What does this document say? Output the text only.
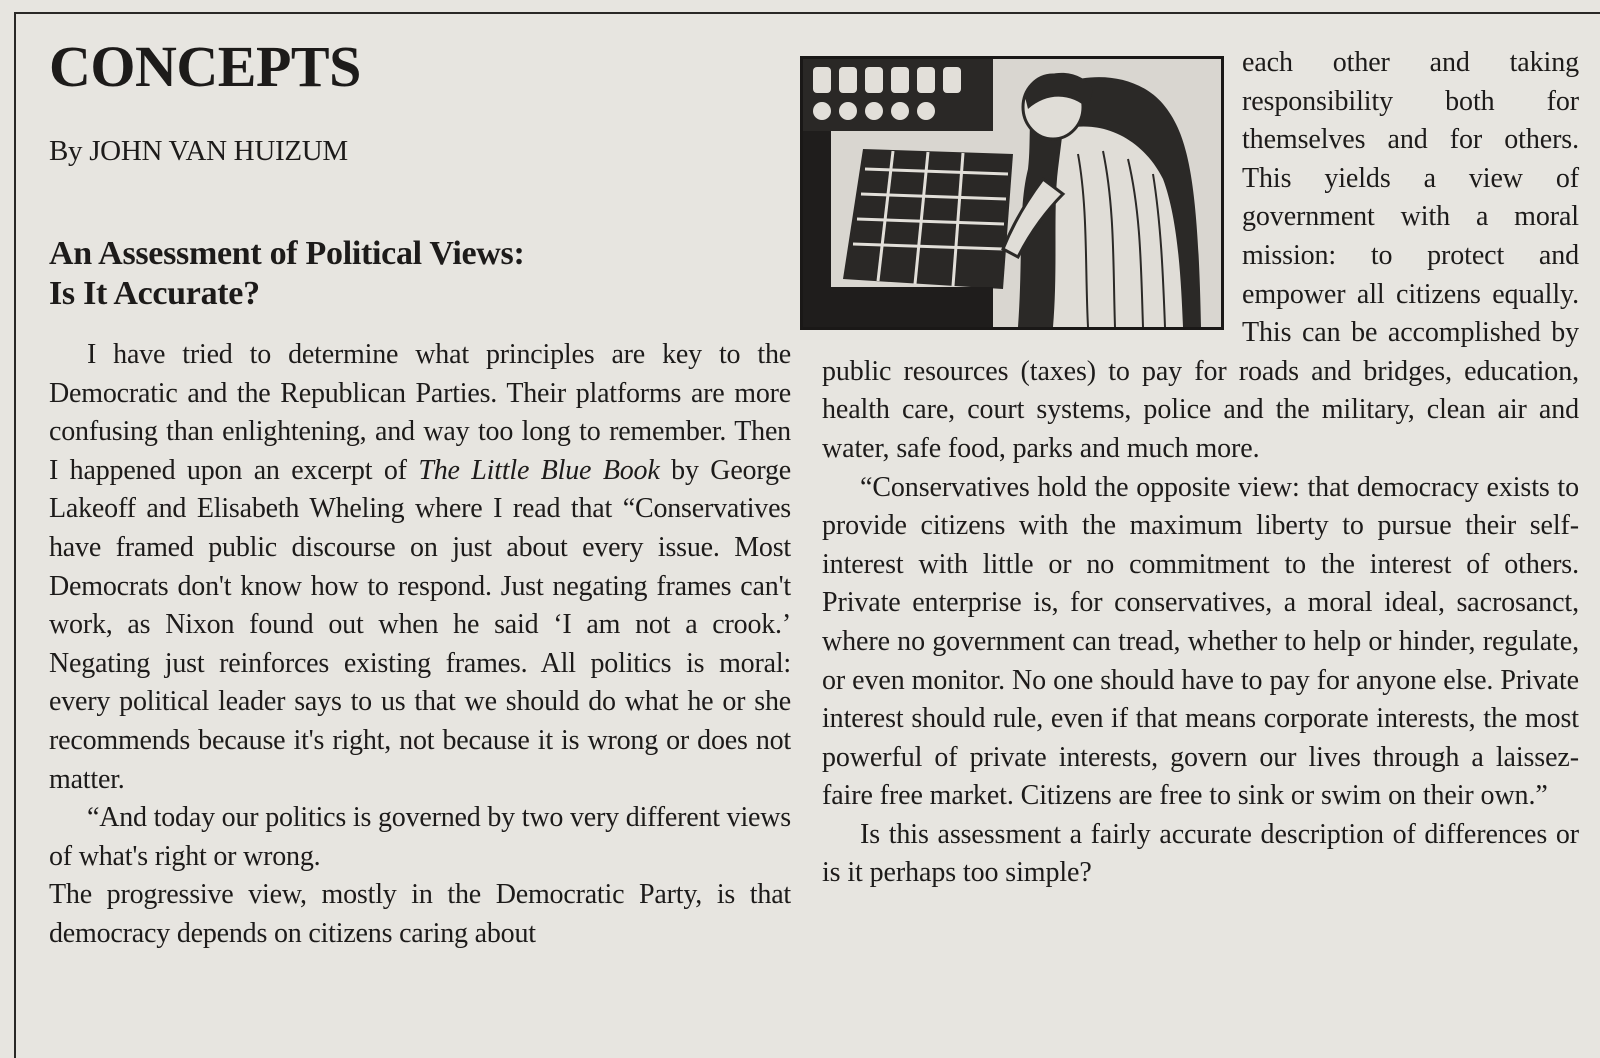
CONCEPTS

By JOHN VAN HUIZUM

An Assessment of Political Views:
Is It Accurate?

I have tried to determine what principles are key to the Democratic and the Republican Parties. Their platforms are more confusing than enlightening, and way too long to remember. Then I happened upon an excerpt of The Little Blue Book by George Lakeoff and Elisabeth Wheling where I read that “Conservatives have framed public discourse on just about every issue. Most Democrats don't know how to respond. Just negating frames can't work, as Nixon found out when he said ‘I am not a crook.’ Negating just reinforces existing frames. All politics is moral: every political leader says to us that we should do what he or she recommends because it's right, not because it is wrong or does not matter.

“And today our politics is governed by two very different views of what's right or wrong.

The progressive view, mostly in the Democratic Party, is that democracy depends on citizens caring about

each other and taking responsibility both for themselves and for others. This yields a view of government with a moral mission: to protect and empower all citizens equally. This can be accomplished by public resources (taxes) to pay for roads and bridges, education, health care, court systems, police and the military, clean air and water, safe food, parks and much more.

“Conservatives hold the opposite view: that democracy exists to provide citizens with the maximum liberty to pursue their self-interest with little or no commitment to the interest of others. Private enterprise is, for conservatives, a moral ideal, sacrosanct, where no government can tread, whether to help or hinder, regulate, or even monitor. No one should have to pay for anyone else. Private interest should rule, even if that means corporate interests, the most powerful of private interests, govern our lives through a laissez-faire free market. Citizens are free to sink or swim on their own.”

Is this assessment a fairly accurate description of differences or is it perhaps too simple?
